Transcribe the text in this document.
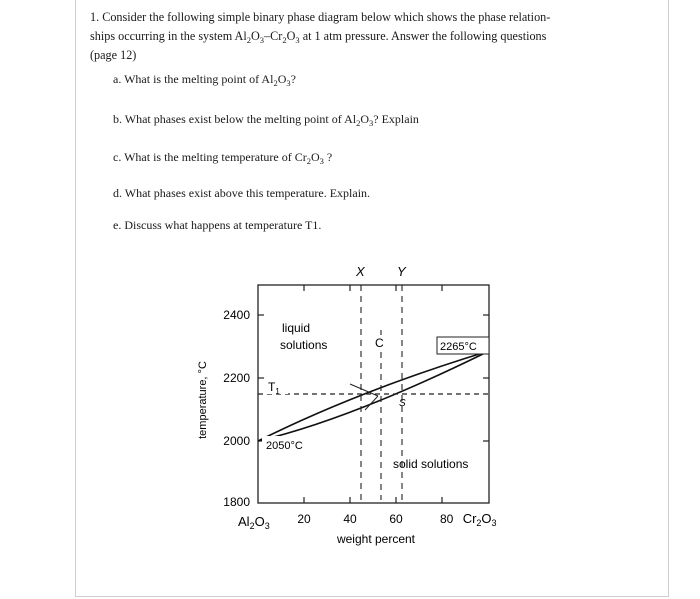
1. Consider the following simple binary phase diagram below which shows the phase relation-
ships occurring in the system $Al_2O_3-Cr_2O_3$ at 1 atm pressure. Answer the following questions
(page 12)
a. What is the melting point of $Al_2O_3$?
b. What phases exist below the melting point of $Al_2O_3$? Explain
c. What is the melting temperature of $Cr_2O_3$ ?
d. What phases exist above this temperature. Explain.
e. Discuss what happens at temperature T1.
2400
2200
2000
1800
$Al_2O_3$ 20	40	60	80 $Cr_2O_3$
weight percent
temperature, °C
liquid
solutions
solid solutions
2265°C
2050°C
$T_1$
X Y
C
S
